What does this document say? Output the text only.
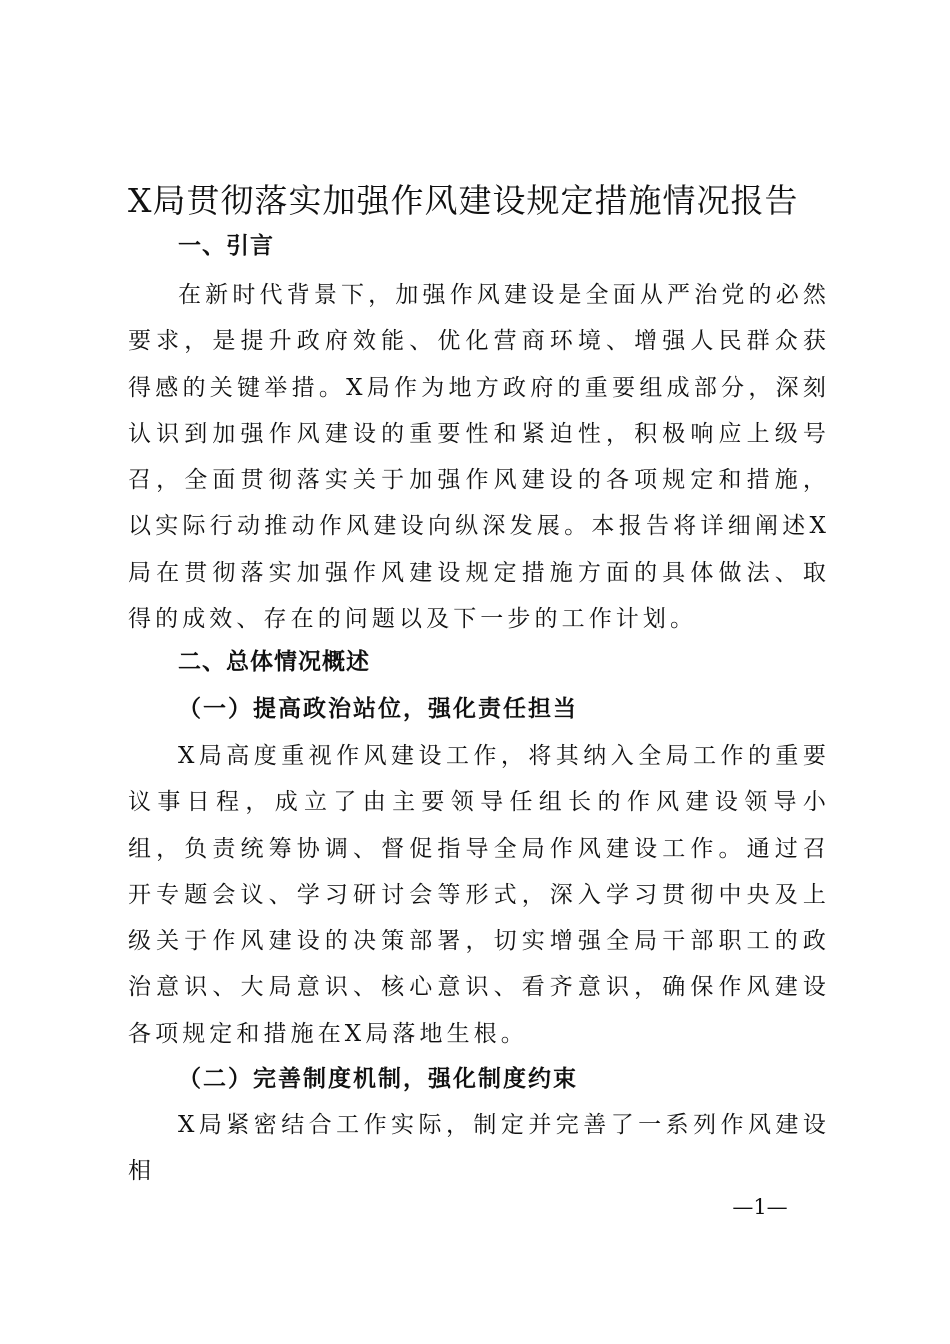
X局贯彻落实加强作风建设规定措施情况报告
一、引言

在新时代背景下，加强作风建设是全面从严治党的必然要求，是提升政府效能、优化营商环境、增强人民群众获得感的关键举措。X局作为地方政府的重要组成部分，深刻认识到加强作风建设的重要性和紧迫性，积极响应上级号召，全面贯彻落实关于加强作风建设的各项规定和措施，以实际行动推动作风建设向纵深发展。本报告将详细阐述X局在贯彻落实加强作风建设规定措施方面的具体做法、取得的成效、存在的问题以及下一步的工作计划。

二、总体情况概述
（一）提高政治站位，强化责任担当

X局高度重视作风建设工作，将其纳入全局工作的重要议事日程，成立了由主要领导任组长的作风建设领导小组，负责统筹协调、督促指导全局作风建设工作。通过召开专题会议、学习研讨会等形式，深入学习贯彻中央及上级关于作风建设的决策部署，切实增强全局干部职工的政治意识、大局意识、核心意识、看齐意识，确保作风建设各项规定和措施在X局落地生根。

（二）完善制度机制，强化制度约束

X局紧密结合工作实际，制定并完善了一系列作风建设相

—1—
